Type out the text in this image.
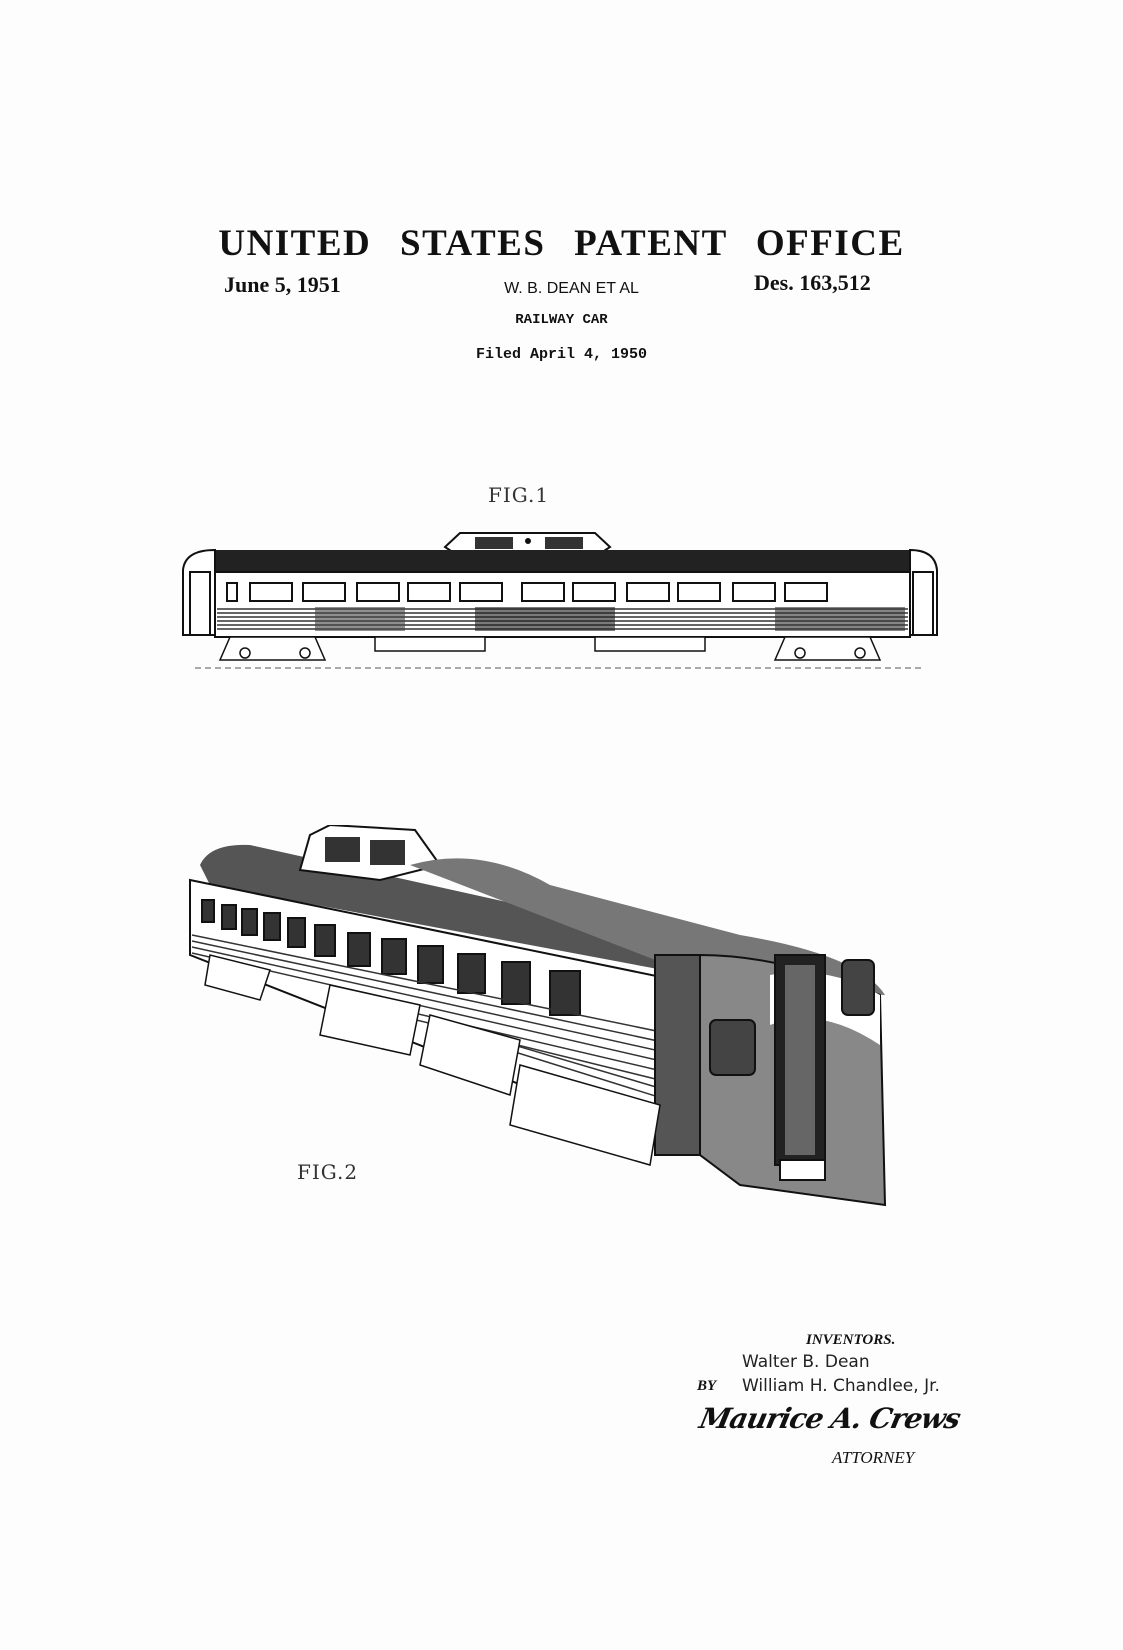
UNITED STATES PATENT OFFICE
June 5, 1951	Des. 163,512
W. B. DEAN ET AL
RAILWAY CAR
Filed April 4, 1950
FIG.1
FIG.2
INVENTORS.
Walter B. Dean
BY William H. Chandlee, Jr.
Maurice A. Crews
ATTORNEY
